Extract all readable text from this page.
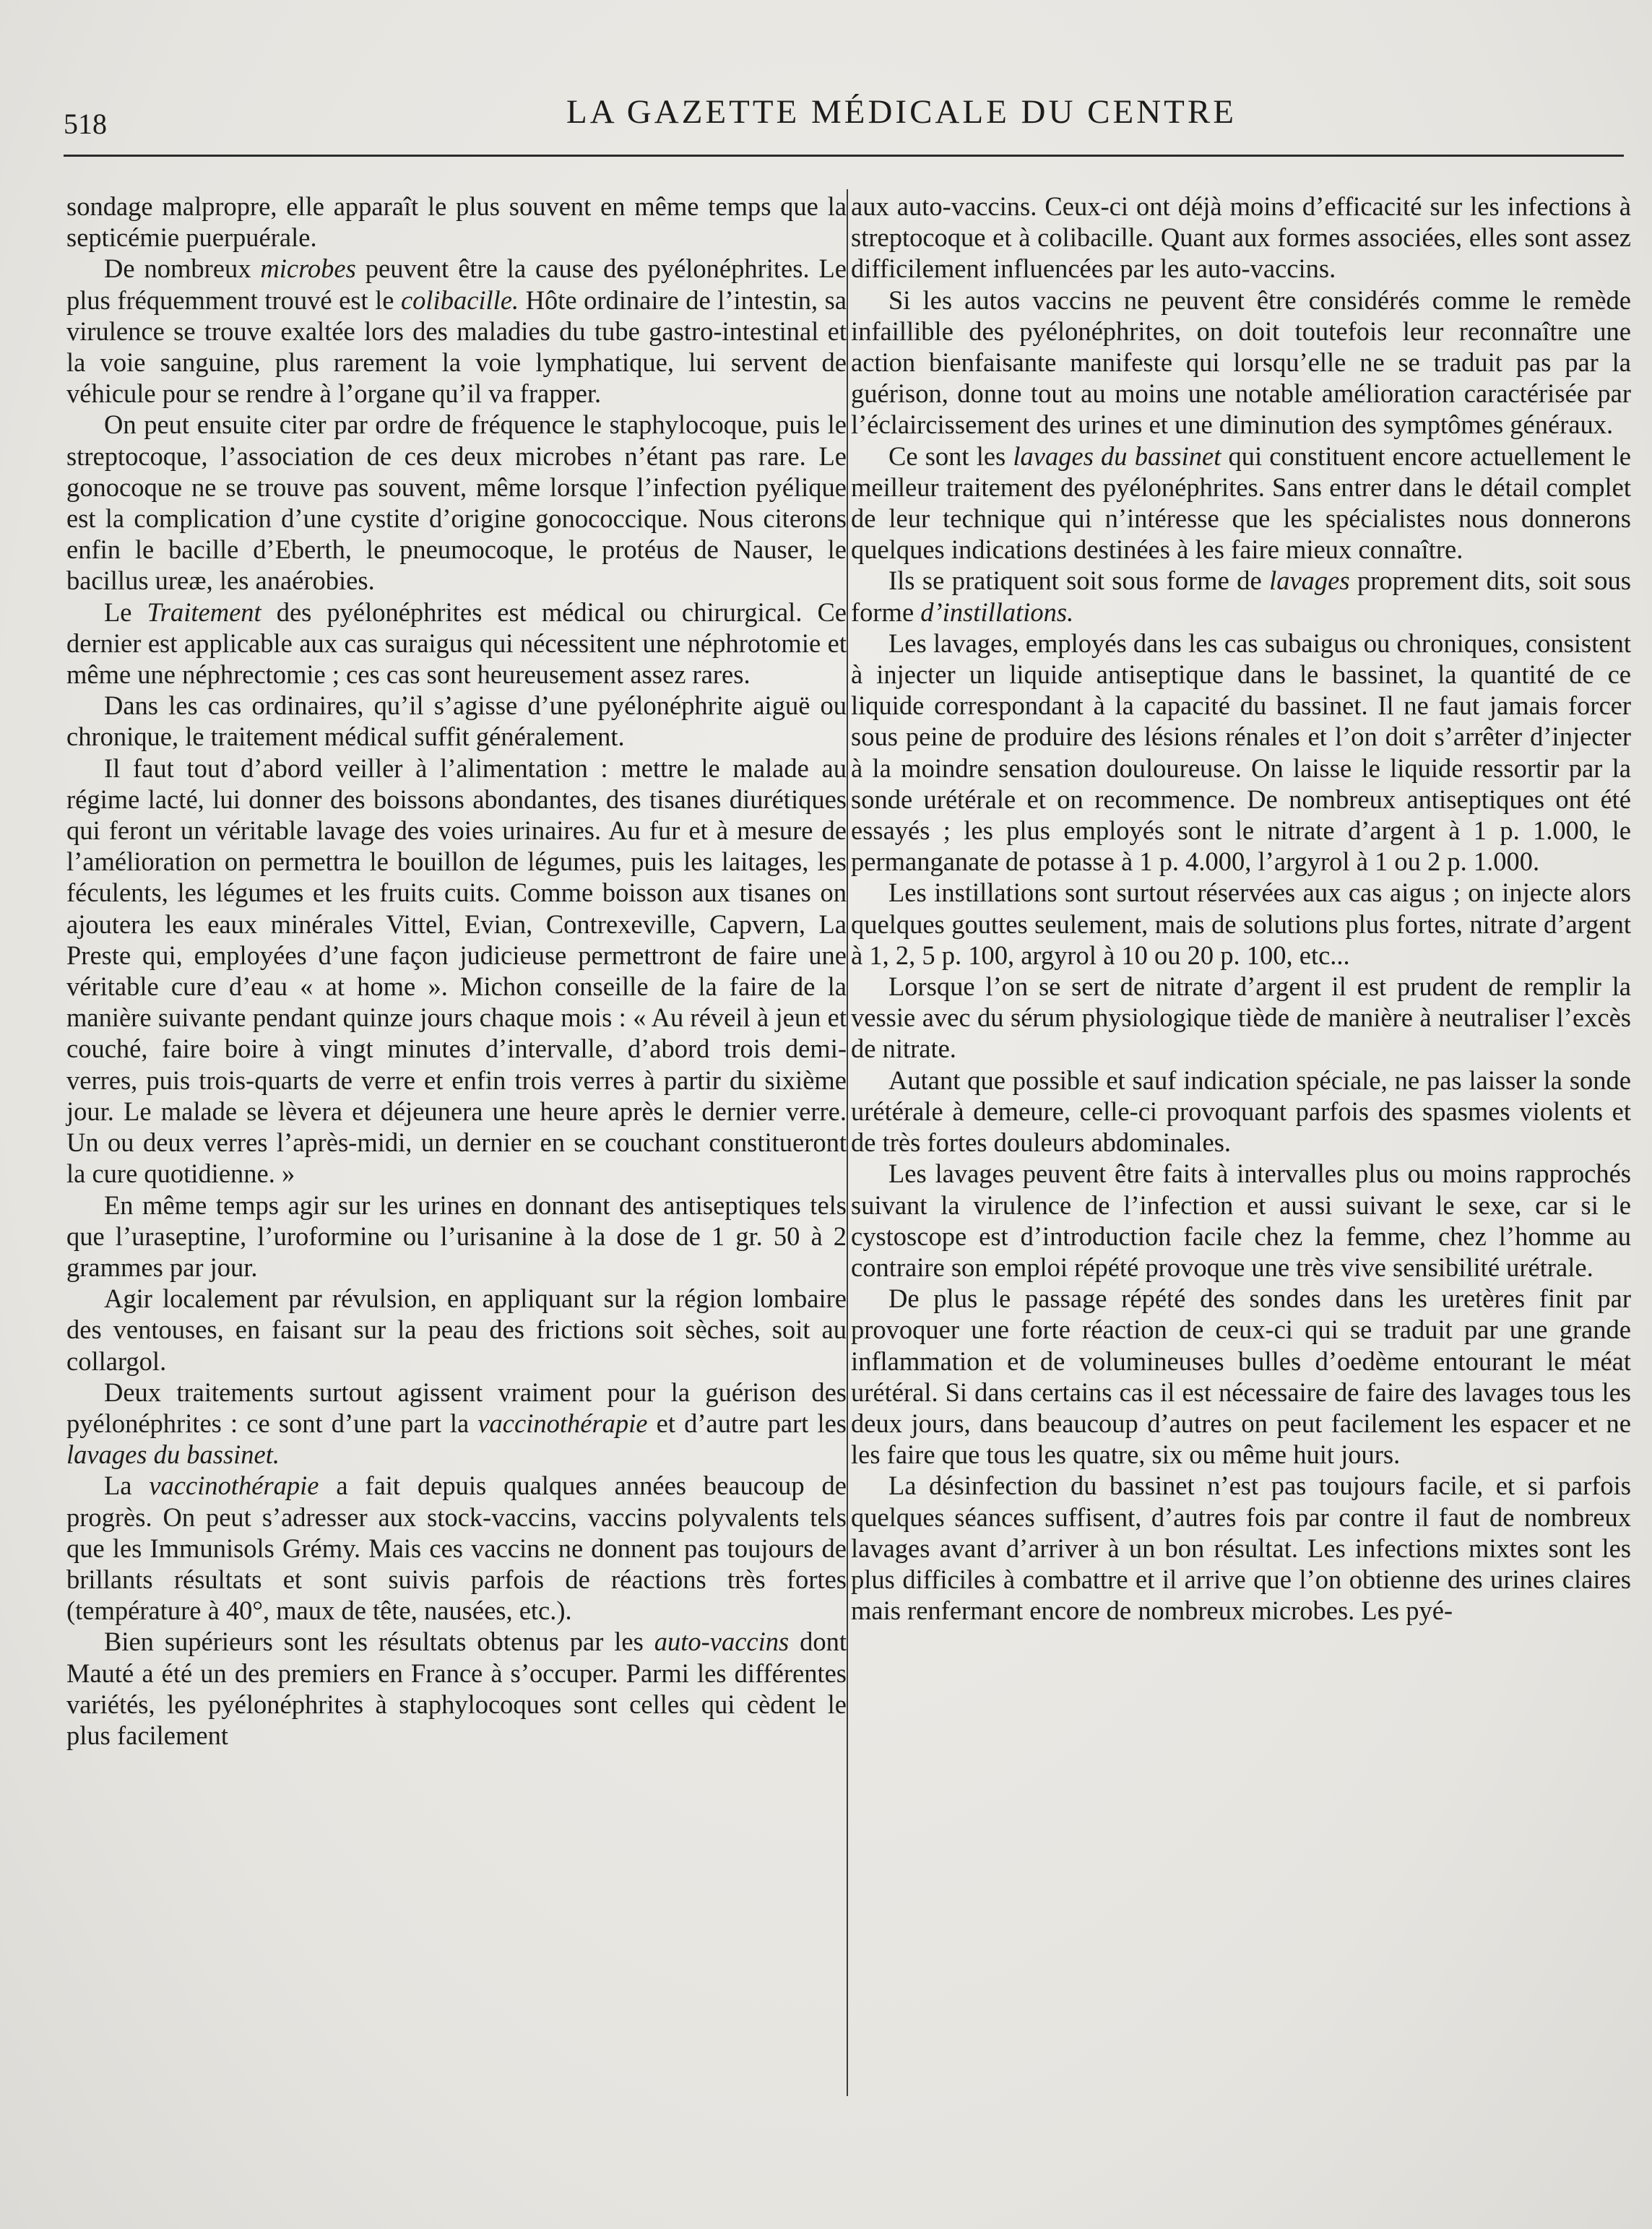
518	LA GAZETTE MÉDICALE DU CENTRE

sondage malpropre, elle apparaît le plus souvent en même temps que la septicémie puerpuérale.

De nombreux microbes peuvent être la cause des pyélonéphrites. Le plus fréquemment trouvé est le colibacille. Hôte ordinaire de l’intestin, sa virulence se trouve exaltée lors des maladies du tube gastro-intestinal et la voie sanguine, plus rarement la voie lymphatique, lui servent de véhicule pour se rendre à l’organe qu’il va frapper.

On peut ensuite citer par ordre de fréquence le staphylocoque, puis le streptocoque, l’association de ces deux microbes n’étant pas rare. Le gonocoque ne se trouve pas souvent, même lorsque l’infection pyélique est la complication d’une cystite d’origine gonococcique. Nous citerons enfin le bacille d’Eberth, le pneumocoque, le protéus de Nauser, le bacillus ureæ, les anaérobies.

Le Traitement des pyélonéphrites est médical ou chirurgical. Ce dernier est applicable aux cas suraigus qui nécessitent une néphrotomie et même une néphrectomie ; ces cas sont heureusement assez rares.

Dans les cas ordinaires, qu’il s’agisse d’une pyélonéphrite aiguë ou chronique, le traitement médical suffit généralement.

Il faut tout d’abord veiller à l’alimentation : mettre le malade au régime lacté, lui donner des boissons abondantes, des tisanes diurétiques qui feront un véritable lavage des voies urinaires. Au fur et à mesure de l’amélioration on permettra le bouillon de légumes, puis les laitages, les féculents, les légumes et les fruits cuits. Comme boisson aux tisanes on ajoutera les eaux minérales Vittel, Evian, Contrexeville, Capvern, La Preste qui, employées d’une façon judicieuse permettront de faire une véritable cure d’eau « at home ». Michon conseille de la faire de la manière suivante pendant quinze jours chaque mois : « Au réveil à jeun et couché, faire boire à vingt minutes d’intervalle, d’abord trois demi-verres, puis trois-quarts de verre et enfin trois verres à partir du sixième jour. Le malade se lèvera et déjeunera une heure après le dernier verre. Un ou deux verres l’après-midi, un dernier en se couchant constitueront la cure quotidienne. »

En même temps agir sur les urines en donnant des antiseptiques tels que l’uraseptine, l’uroformine ou l’urisanine à la dose de 1 gr. 50 à 2 grammes par jour.

Agir localement par révulsion, en appliquant sur la région lombaire des ventouses, en faisant sur la peau des frictions soit sèches, soit au collargol.

Deux traitements surtout agissent vraiment pour la guérison des pyélonéphrites : ce sont d’une part la vaccinothérapie et d’autre part les lavages du bassinet.

La vaccinothérapie a fait depuis qualques années beaucoup de progrès. On peut s’adresser aux stock-vaccins, vaccins polyvalents tels que les Immunisols Grémy. Mais ces vaccins ne donnent pas toujours de brillants résultats et sont suivis parfois de réactions très fortes (température à 40°, maux de tête, nausées, etc.).

Bien supérieurs sont les résultats obtenus par les auto-vaccins dont Mauté a été un des premiers en France à s’occuper. Parmi les différentes variétés, les pyélonéphrites à staphylocoques sont celles qui cèdent le plus facilement

aux auto-vaccins. Ceux-ci ont déjà moins d’efficacité sur les infections à streptocoque et à colibacille. Quant aux formes associées, elles sont assez difficilement influencées par les auto-vaccins.

Si les autos vaccins ne peuvent être considérés comme le remède infaillible des pyélonéphrites, on doit toutefois leur reconnaître une action bienfaisante manifeste qui lorsqu’elle ne se traduit pas par la guérison, donne tout au moins une notable amélioration caractérisée par l’éclaircissement des urines et une diminution des symptômes généraux.

Ce sont les lavages du bassinet qui constituent encore actuellement le meilleur traitement des pyélonéphrites. Sans entrer dans le détail complet de leur technique qui n’intéresse que les spécialistes nous donnerons quelques indications destinées à les faire mieux connaître.

Ils se pratiquent soit sous forme de lavages proprement dits, soit sous forme d’instillations.

Les lavages, employés dans les cas subaigus ou chroniques, consistent à injecter un liquide antiseptique dans le bassinet, la quantité de ce liquide correspondant à la capacité du bassinet. Il ne faut jamais forcer sous peine de produire des lésions rénales et l’on doit s’arrêter d’injecter à la moindre sensation douloureuse. On laisse le liquide ressortir par la sonde urétérale et on recommence. De nombreux antiseptiques ont été essayés ; les plus employés sont le nitrate d’argent à 1 p. 1.000, le permanganate de potasse à 1 p. 4.000, l’argyrol à 1 ou 2 p. 1.000.

Les instillations sont surtout réservées aux cas aigus ; on injecte alors quelques gouttes seulement, mais de solutions plus fortes, nitrate d’argent à 1, 2, 5 p. 100, argyrol à 10 ou 20 p. 100, etc...

Lorsque l’on se sert de nitrate d’argent il est prudent de remplir la vessie avec du sérum physiologique tiède de manière à neutraliser l’excès de nitrate.

Autant que possible et sauf indication spéciale, ne pas laisser la sonde urétérale à demeure, celle-ci provoquant parfois des spasmes violents et de très fortes douleurs abdominales.

Les lavages peuvent être faits à intervalles plus ou moins rapprochés suivant la virulence de l’infection et aussi suivant le sexe, car si le cystoscope est d’introduction facile chez la femme, chez l’homme au contraire son emploi répété provoque une très vive sensibilité urétrale.

De plus le passage répété des sondes dans les uretères finit par provoquer une forte réaction de ceux-ci qui se traduit par une grande inflammation et de volumineuses bulles d’oedème entourant le méat urétéral. Si dans certains cas il est nécessaire de faire des lavages tous les deux jours, dans beaucoup d’autres on peut facilement les espacer et ne les faire que tous les quatre, six ou même huit jours.

La désinfection du bassinet n’est pas toujours facile, et si parfois quelques séances suffisent, d’autres fois par contre il faut de nombreux lavages avant d’arriver à un bon résultat. Les infections mixtes sont les plus difficiles à combattre et il arrive que l’on obtienne des urines claires mais renfermant encore de nombreux microbes. Les pyé-
